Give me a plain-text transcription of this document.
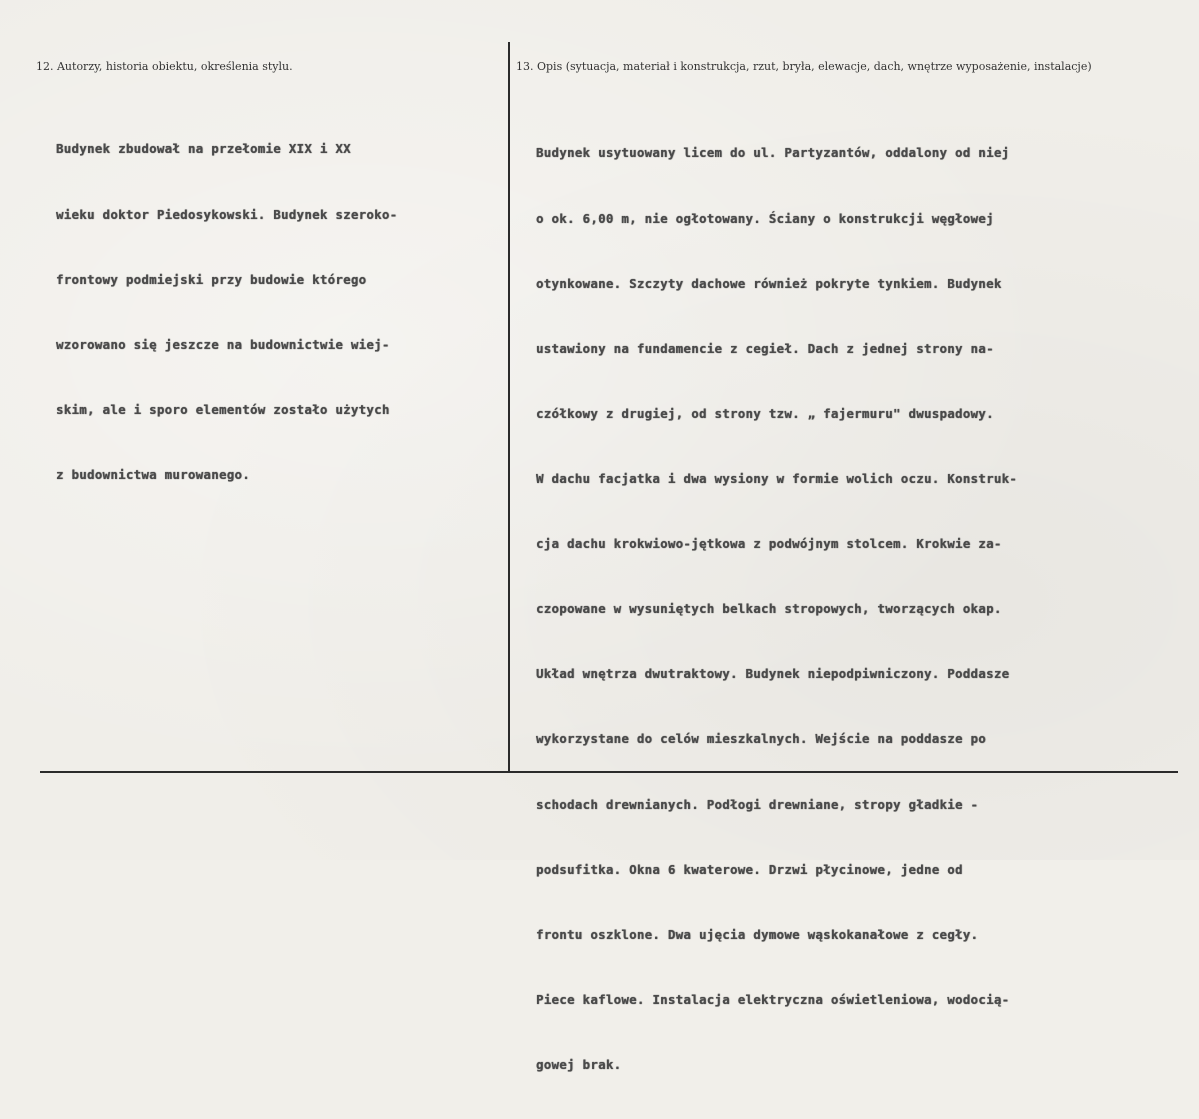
12. Autorzy, historia obiektu, określenia stylu.	13. Opis (sytuacja, materiał i konstrukcja, rzut, bryła, elewacje, dach, wnętrze wyposażenie, instalacje)

Budynek zbudował na przełomie XIX i XX

wieku doktor Piedosykowski. Budynek szeroko-

frontowy podmiejski przy budowie którego

wzorowano się jeszcze na budownictwie wiej-

skim, ale i sporo elementów zostało użytych

z budownictwa murowanego.

Budynek usytuowany licem do ul. Partyzantów, oddalony od niej

o ok. 6,00 m, nie ogłotowany. Ściany o konstrukcji węgłowej

otynkowane. Szczyty dachowe również pokryte tynkiem. Budynek

ustawiony na fundamencie z cegieł. Dach z jednej strony na-

czółkowy z drugiej, od strony tzw. „ fajermuru" dwuspadowy.

W dachu facjatka i dwa wysiony w formie wolich oczu. Konstruk-

cja dachu krokwiowo-jętkowa z podwójnym stolcem. Krokwie za-

czopowane w wysuniętych belkach stropowych, tworzących okap.

Układ wnętrza dwutraktowy. Budynek niepodpiwniczony. Poddasze

wykorzystane do celów mieszkalnych. Wejście na poddasze po

schodach drewnianych. Podłogi drewniane, stropy gładkie -

podsufitka. Okna 6 kwaterowe. Drzwi płycinowe, jedne od

frontu oszklone. Dwa ujęcia dymowe wąskokanałowe z cegły.

Piece kaflowe. Instalacja elektryczna oświetleniowa, wodocią-

gowej brak.
